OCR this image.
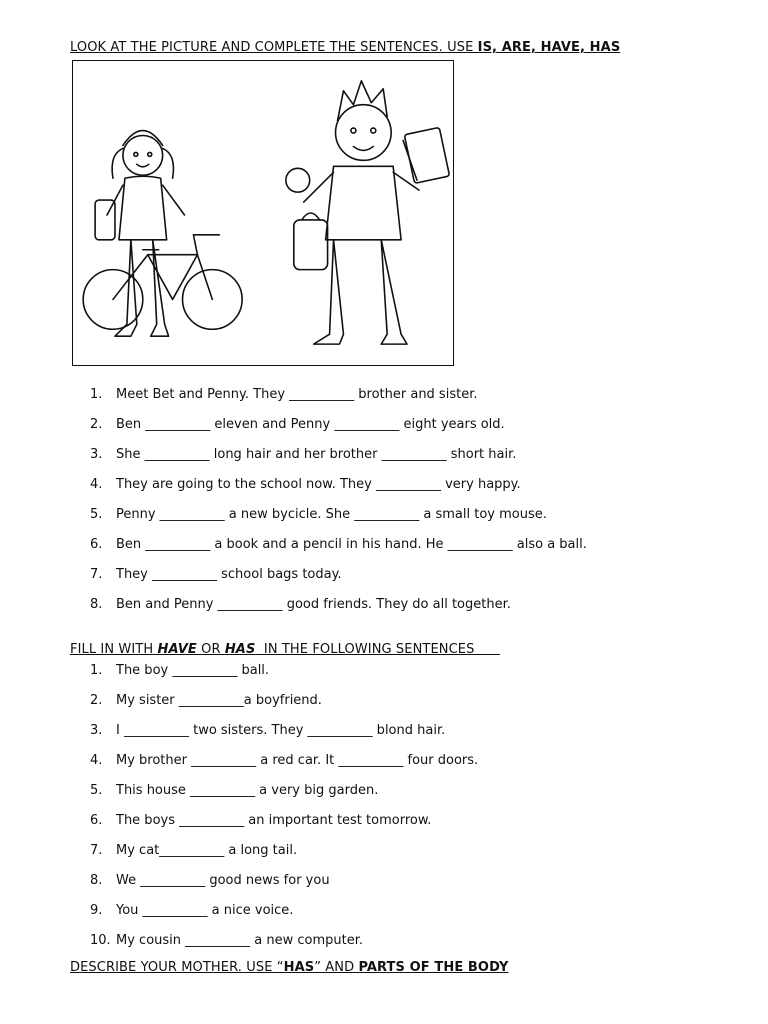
LOOK AT THE PICTURE AND COMPLETE THE SENTENCES. USE IS, ARE, HAVE, HAS
1. Meet Bet and Penny. They __________ brother and sister.
2. Ben __________ eleven and Penny __________ eight years old.
3. She __________ long hair and her brother __________ short hair.
4. They are going to the school now. They __________ very happy.
5. Penny __________ a new bycicle. She __________ a small toy mouse.
6. Ben __________ a book and a pencil in his hand. He __________ also a ball.
7. They __________ school bags today.
8. Ben and Penny __________ good friends. They do all together.
FILL IN WITH HAVE OR HAS  IN THE FOLLOWING SENTENCES
1. The boy __________ ball.
2. My sister __________a boyfriend.
3. I __________ two sisters. They __________ blond hair.
4. My brother __________ a red car. It __________ four doors.
5. This house __________ a very big garden.
6. The boys __________ an important test tomorrow.
7. My cat__________ a long tail.
8. We __________ good news for you
9. You __________ a nice voice.
10. My cousin __________ a new computer.
DESCRIBE YOUR MOTHER. USE “HAS” AND PARTS OF THE BODY
